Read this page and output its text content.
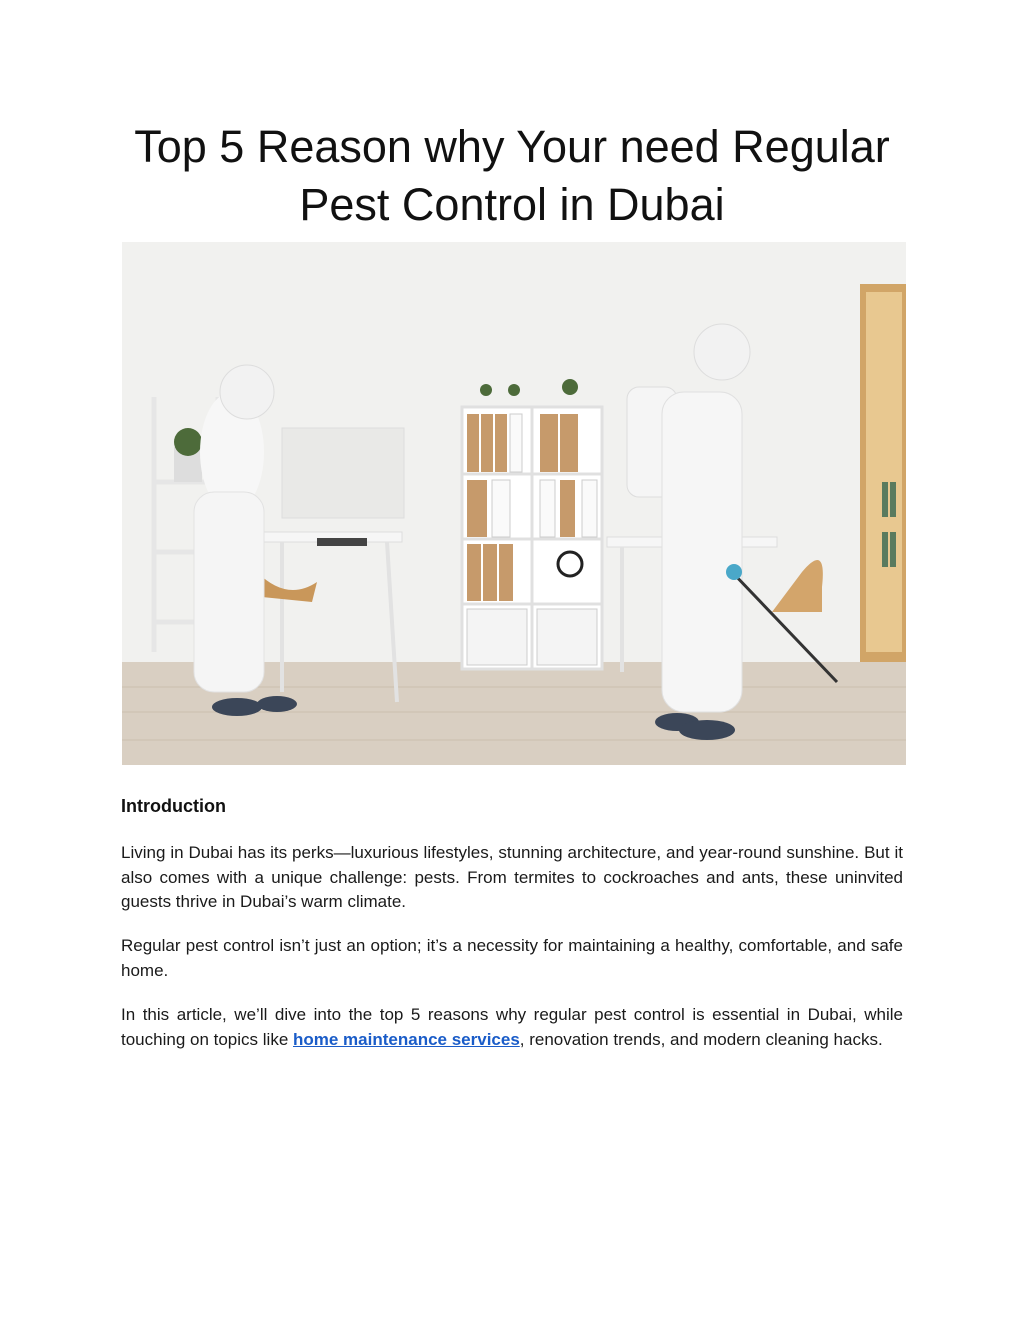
Top 5 Reason why Your need Regular
Pest Control in Dubai
Introduction

Living in Dubai has its perks—luxurious lifestyles, stunning architecture, and year-round sunshine. But it also comes with a unique challenge: pests. From termites to cockroaches and ants, these uninvited guests thrive in Dubai’s warm climate.

Regular pest control isn’t just an option; it’s a necessity for maintaining a healthy, comfortable, and safe home.

In this article, we’ll dive into the top 5 reasons why regular pest control is essential in Dubai, while touching on topics like home maintenance services, renovation trends, and modern cleaning hacks.
